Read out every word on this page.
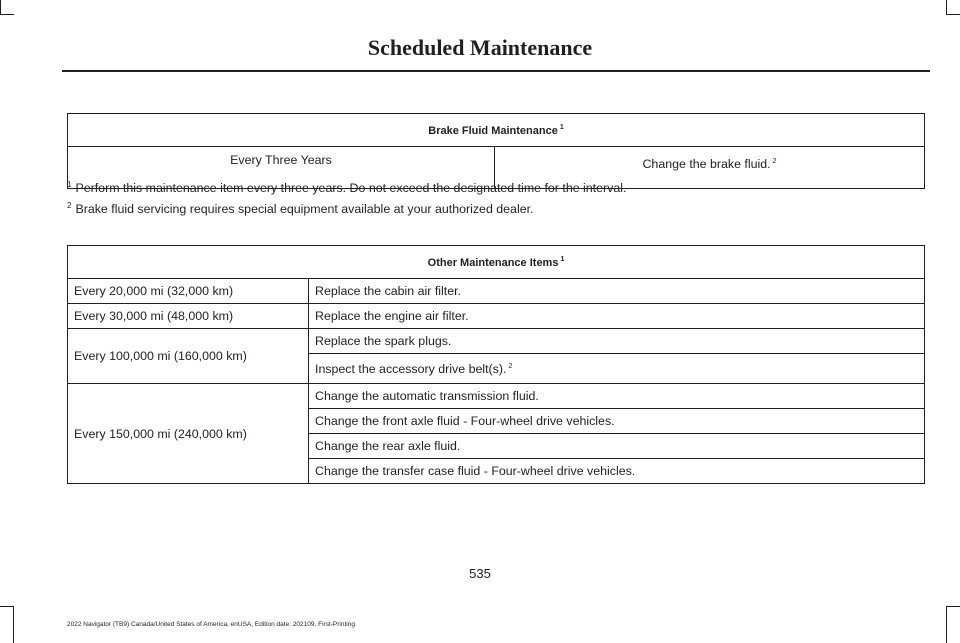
Scheduled Maintenance
Brake Fluid Maintenance $^1$
Every Three Years	Change the brake fluid. $^2$
$^1$ Perform this maintenance item every three years. Do not exceed the designated time for the interval.
$^2$ Brake fluid servicing requires special equipment available at your authorized dealer.
Other Maintenance Items $^1$
Every 20,000 mi (32,000 km)	Replace the cabin air filter.
Every 30,000 mi (48,000 km)	Replace the engine air filter.
Every 100,000 mi (160,000 km)	Replace the spark plugs.
	Inspect the accessory drive belt(s). $^2$
Every 150,000 mi (240,000 km)	Change the automatic transmission fluid.
	Change the front axle fluid - Four-wheel drive vehicles.
	Change the rear axle fluid.
	Change the transfer case fluid - Four-wheel drive vehicles.
535
2022 Navigator (TB9) Canada/United States of America, enUSA, Edition date: 202109, First-Printing
